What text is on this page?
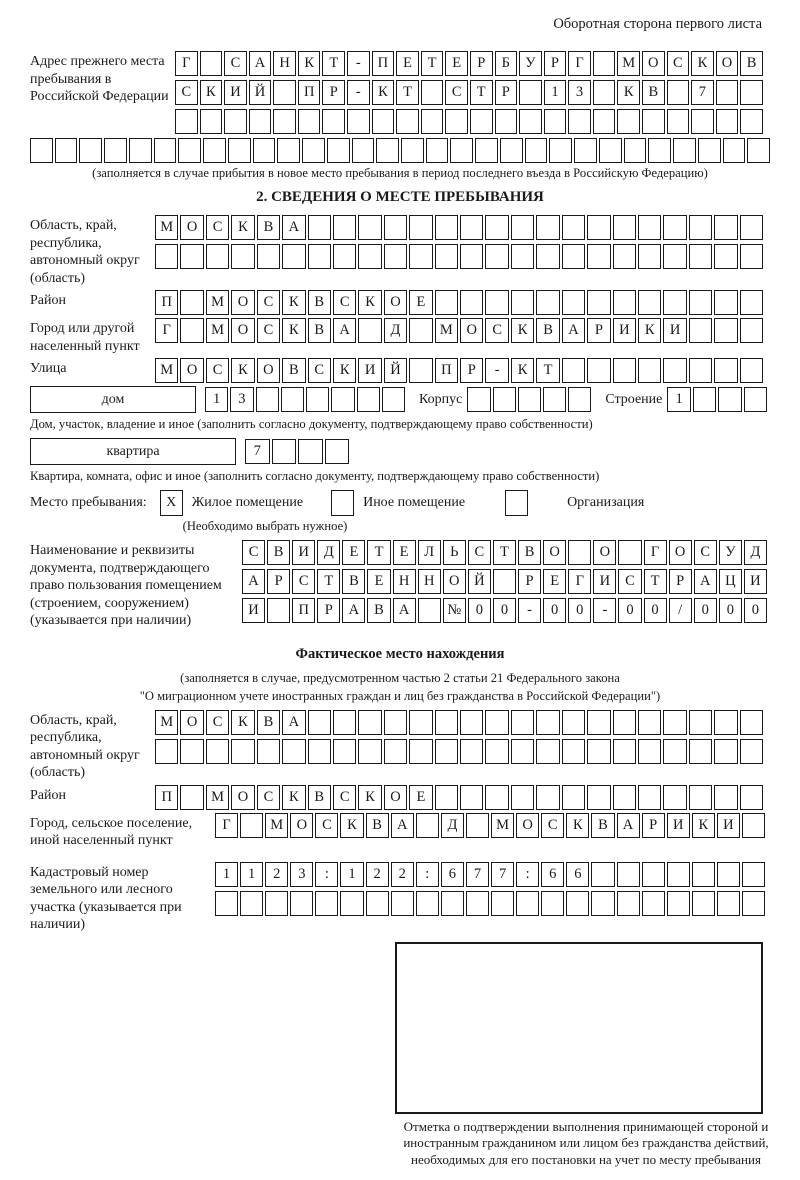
Оборотная сторона первого листа
Адрес прежнего места пребывания в Российской Федерации
Г	С	А Н	К	Т	-	П	Е	Т	Е	Р	Б	У	Р	Г	М О	С	К	О	В
С	К	И Й	П	Р	-	К	Т	С	Т	Р	1	3	К	В	7
(заполняется в случае прибытия в новое место пребывания в период последнего въезда в Российскую Федерацию)
2. СВЕДЕНИЯ О МЕСТЕ ПРЕБЫВАНИЯ
Область, край, республика, автономный округ (область)
М О	С	К	В	А
Район	П	М О	С	К	В	С	К	О	Е
Город или другой населенный пункт
Г	М О	С	К	В	А	Д	М О	С	К	В	А	Р	И	К	И
Улица	М О	С	К	О	В	С	К	И	Й	П	Р	-	К	Т
дом	1	3	Корпус	Строение 1
Дом, участок, владение и иное (заполнить согласно документу, подтверждающему право собственности)
квартира	7
Квартира, комната, офис и иное (заполнить согласно документу, подтверждающему право собственности)
Место пребывания:	X	Жилое помещение	Иное помещение	Организация
(Необходимо выбрать нужное)
Наименование и реквизиты документа, подтверждающего право пользования помещением (строением, сооружением) (указывается при наличии)
С	В	И	Д	Е	Т	Е	Л	Ь	С	Т	В	О	О	Г	О	С	У	Д
А	Р	С	Т	В	Е	Н	Н	О	Й	Р	Е	Г	И	С	Т	Р	А	Ц	И
И	П	Р	А	В	А	№	0	0	-	0	0	-	0	0	/	0	0	0
Фактическое место нахождения
(заполняется в случае, предусмотренном частью 2 статьи 21 Федерального закона
"О миграционном учете иностранных граждан и лиц без гражданства в Российской Федерации")
Область, край, республика, автономный округ (область)
М О	С	К	В	А
Район	П	М О	С	К	В	С	К	О	Е
Город, сельское поселение, иной населенный пункт
Г	М О	С	К	В	А	Д	М О	С	К	В	А	Р	И	К	И
Кадастровый номер земельного или лесного участка (указывается при наличии)
1	1	2	3	:	1	2	2	:	6	7	7	:	6	6
Отметка о подтверждении выполнения принимающей стороной и иностранным гражданином или лицом без гражданства действий, необходимых для его постановки на учет по месту пребывания
